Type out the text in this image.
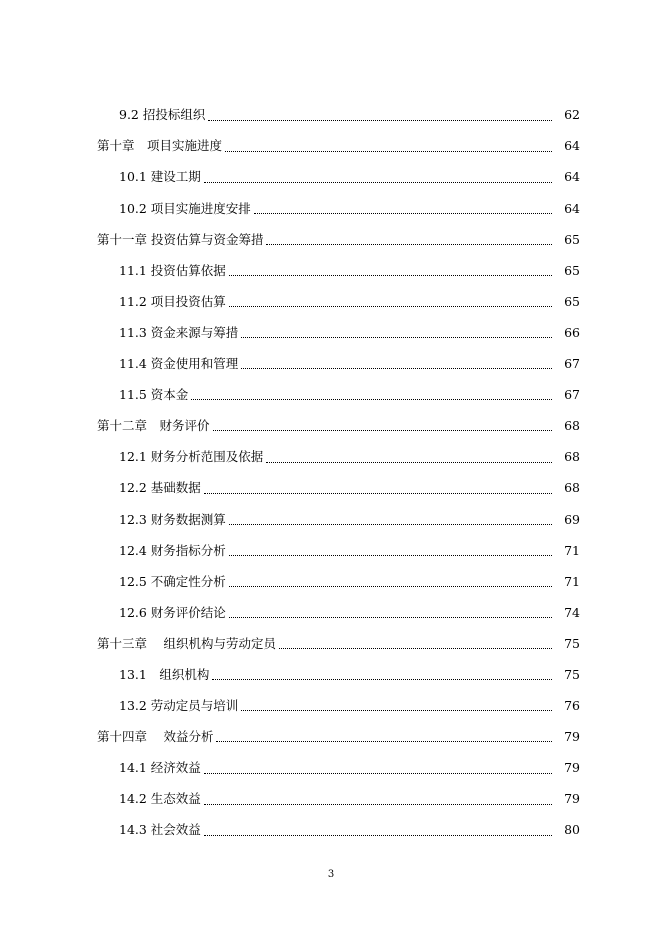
9.2 招投标组织	62
第十章　项目实施进度	64
10.1 建设工期	64
10.2 项目实施进度安排	64
第十一章 投资估算与资金筹措	65
11.1 投资估算依据	65
11.2 项目投资估算	65
11.3 资金来源与筹措	66
11.4 资金使用和管理	67
11.5 资本金	67
第十二章　财务评价	68
12.1 财务分析范围及依据	68
12.2 基础数据	68
12.3 财务数据测算	69
12.4 财务指标分析	71
12.5 不确定性分析	71
12.6 财务评价结论	74
第十三章　 组织机构与劳动定员	75
13.1　组织机构	75
13.2 劳动定员与培训	76
第十四章　 效益分析	79
14.1 经济效益	79
14.2 生态效益	79
14.3 社会效益	80
3
